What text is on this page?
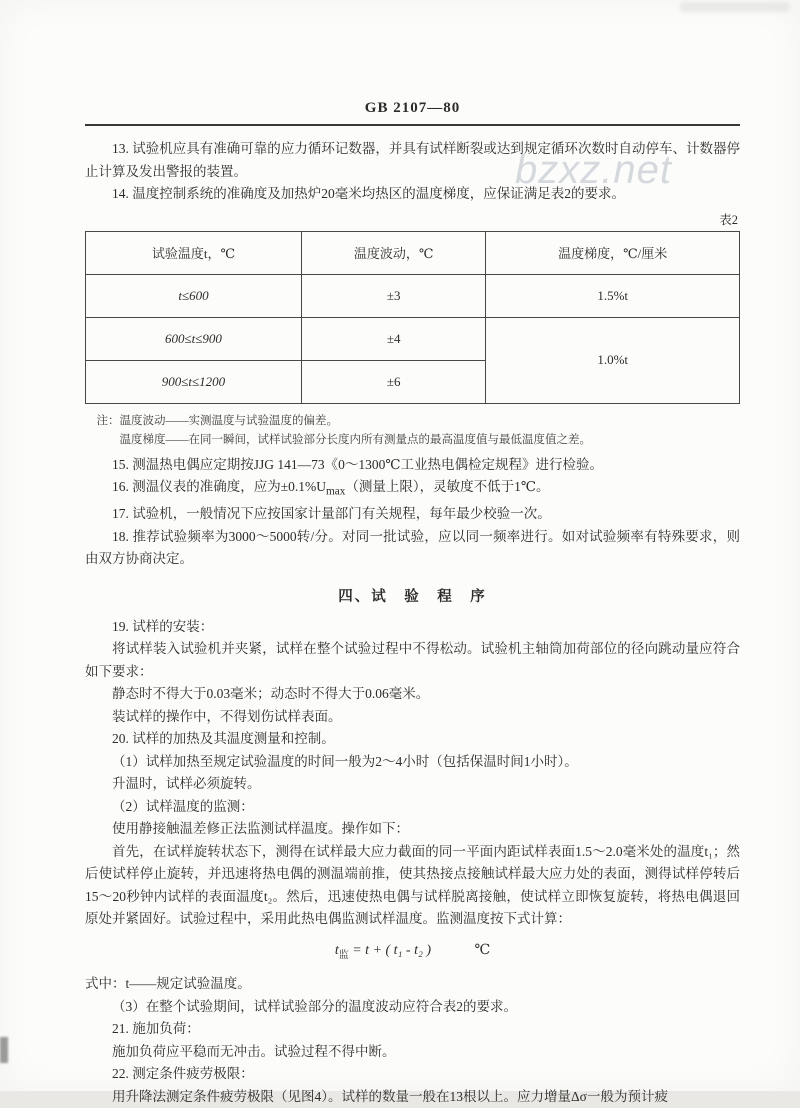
bzxz.net
GB 2107—80

13. 试验机应具有准确可靠的应力循环记数器，并具有试样断裂或达到规定循环次数时自动停车、计数器停止计算及发出警报的装置。

14. 温度控制系统的准确度及加热炉20毫米均热区的温度梯度，应保证满足表2的要求。

表2
试验温度t，℃	温度波动，℃	温度梯度，℃/厘米
t≤600	±3	1.5%t
600≤t≤900	±4	1.0%t
900≤t≤1200	±6	

注：温度波动——实测温度与试验温度的偏差。

温度梯度——在同一瞬间，试样试验部分长度内所有测量点的最高温度值与最低温度值之差。

15. 测温热电偶应定期按JJG 141—73《0～1300℃工业热电偶检定规程》进行检验。

16. 测温仪表的准确度，应为$\pm 0.1\%U_{max}$（测量上限），灵敏度不低于1℃。

17. 试验机，一般情况下应按国家计量部门有关规程，每年最少校验一次。

18. 推荐试验频率为3000～5000转/分。对同一批试验，应以同一频率进行。如对试验频率有特殊要求，则由双方协商决定。

四、试　验　程　序

19. 试样的安装：

将试样装入试验机并夹紧，试样在整个试验过程中不得松动。试验机主轴筒加荷部位的径向跳动量应符合如下要求：

静态时不得大于0.03毫米；动态时不得大于0.06毫米。

装试样的操作中，不得划伤试样表面。

20. 试样的加热及其温度测量和控制。

（1）试样加热至规定试验温度的时间一般为2～4小时（包括保温时间1小时）。

升温时，试样必须旋转。

（2）试样温度的监测：

使用静接触温差修正法监测试样温度。操作如下：

首先，在试样旋转状态下，测得在试样最大应力截面的同一平面内距试样表面1.5～2.0毫米处的温度t₁；然后使试样停止旋转，并迅速将热电偶的测温端前推，使其热接点接触试样最大应力处的表面，测得试样停转后15～20秒钟内试样的表面温度t₂。然后，迅速使热电偶与试样脱离接触，使试样立即恢复旋转，将热电偶退回原处并紧固好。试验过程中，采用此热电偶监测试样温度。监测温度按下式计算：

$t_监 = t$ + ( t₁ - t₂ )	℃

式中：t——规定试验温度。

（3）在整个试验期间，试样试验部分的温度波动应符合表2的要求。

21. 施加负荷：

施加负荷应平稳而无冲击。试验过程不得中断。

22. 测定条件疲劳极限：

用升降法测定条件疲劳极限（见图4）。试样的数量一般在13根以上。应力增量Δσ一般为预计疲
